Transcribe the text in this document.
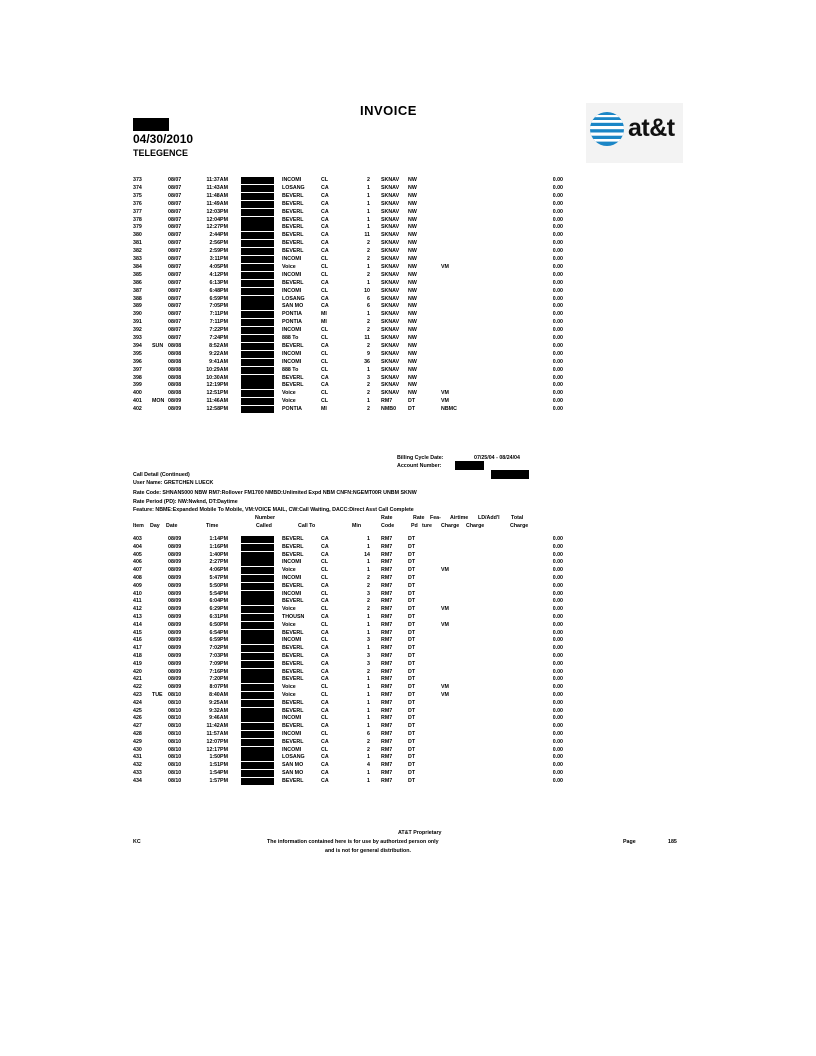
INVOICE
04/30/2010
TELEGENCE
at&t
373	08/07	11:37AM	INCOMI	CL	2 SKNAV NW	0.00
374	08/07	11:43AM	LOSANG	CA	1 SKNAV NW	0.00
375	08/07	11:48AM	BEVERL	CA	1 SKNAV NW	0.00
376	08/07	11:49AM	BEVERL	CA	1 SKNAV NW	0.00
377	08/07	12:03PM	BEVERL	CA	1 SKNAV NW	0.00
378	08/07	12:04PM	BEVERL	CA	1 SKNAV NW	0.00
379	08/07	12:27PM	BEVERL	CA	1 SKNAV NW	0.00
380	08/07	2:44PM	BEVERL	CA	11 SKNAV NW	0.00
381	08/07	2:56PM	BEVERL	CA	2 SKNAV NW	0.00
382	08/07	2:59PM	BEVERL	CA	2 SKNAV NW	0.00
383	08/07	3:11PM	INCOMI	CL	2 SKNAV NW	0.00
384	08/07	4:05PM	Voice	CL	1 SKNAV NW	VM	0.00
385	08/07	4:12PM	INCOMI	CL	2 SKNAV NW	0.00
386	08/07	6:13PM	BEVERL	CA	1 SKNAV NW	0.00
387	08/07	6:48PM	INCOMI	CL	10 SKNAV NW	0.00
388	08/07	6:59PM	LOSANG	CA	6 SKNAV NW	0.00
389	08/07	7:05PM	SAN MO	CA	6 SKNAV NW	0.00
390	08/07	7:11PM	PONTIA	MI	1 SKNAV NW	0.00
391	08/07	7:11PM	PONTIA	MI	2 SKNAV NW	0.00
392	08/07	7:22PM	INCOMI	CL	2 SKNAV NW	0.00
393	08/07	7:24PM	888 To	CL	11 SKNAV NW	0.00
394 SUN 08/08	8:52AM	BEVERL	CA	2 SKNAV NW	0.00
395	08/08	9:22AM	INCOMI	CL	9 SKNAV NW	0.00
396	08/08	9:41AM	INCOMI	CL	36 SKNAV NW	0.00
397	08/08	10:29AM	888 To	CL	1 SKNAV NW	0.00
398	08/08	10:30AM	BEVERL	CA	3 SKNAV NW	0.00
399	08/08	12:19PM	BEVERL	CA	2 SKNAV NW	0.00
400	08/08	12:51PM	Voice	CL	2 SKNAV NW	VM	0.00
401 MON 08/09	11:46AM	Voice	CL	1 RM7	DT	VM	0.00
402	08/09	12:58PM	PONTIA	MI	2 NMB0 DT	NBMC	0.00
Billing Cycle Date:	07/25/04 - 08/24/04
Account Number:
Call Detail (Continued)
User Name: GRETCHEN LUECK
Rate Code: SHNAN5000 NBW RM7:Rollover FM1700 NMBD:Unlimited Expd NBM CNFN:NGEMT00R UNBM SKNW
Rate Period (PD): NW:Nwknd, DT:Daytime
Feature: NBME:Expanded Mobile To Mobile, VM:VOICE MAIL, CW:Call Waiting, DACC:Direct Asst Call Complete
Number	Rate	Rate Fea- Airtime LD/Add'l Total
Item Day Date	Time	Called	Call To	Min	Code	Pd ture Charge Charge	Charge
403	08/09	1:14PM	BEVERL	CA	1 RM7	DT	0.00
404	08/09	1:16PM	BEVERL	CA	1 RM7	DT	0.00
405	08/09	1:40PM	BEVERL	CA	14 RM7	DT	0.00
406	08/09	2:27PM	INCOMI	CL	1 RM7	DT	0.00
407	08/09	4:06PM	Voice	CL	1 RM7	DT	VM	0.00
408	08/09	5:47PM	INCOMI	CL	2 RM7	DT	0.00
409	08/09	5:50PM	BEVERL	CA	2 RM7	DT	0.00
410	08/09	5:54PM	INCOMI	CL	3 RM7	DT	0.00
411	08/09	6:04PM	BEVERL	CA	2 RM7	DT	0.00
412	08/09	6:29PM	Voice	CL	2 RM7	DT	VM	0.00
413	08/09	6:31PM	THOUSN	CA	1 RM7	DT	0.00
414	08/09	6:50PM	Voice	CL	1 RM7	DT	VM	0.00
415	08/09	6:54PM	BEVERL	CA	1 RM7	DT	0.00
416	08/09	6:59PM	INCOMI	CL	3 RM7	DT	0.00
417	08/09	7:02PM	BEVERL	CA	1 RM7	DT	0.00
418	08/09	7:03PM	BEVERL	CA	3 RM7	DT	0.00
419	08/09	7:09PM	BEVERL	CA	3 RM7	DT	0.00
420	08/09	7:16PM	BEVERL	CA	2 RM7	DT	0.00
421	08/09	7:20PM	BEVERL	CA	1 RM7	DT	0.00
422	08/09	8:07PM	Voice	CL	1 RM7	DT	VM	0.00
423 TUE 08/10	8:40AM	Voice	CL	1 RM7	DT	VM	0.00
424	08/10	9:25AM	BEVERL	CA	1 RM7	DT	0.00
425	08/10	9:32AM	BEVERL	CA	1 RM7	DT	0.00
426	08/10	9:46AM	INCOMI	CL	1 RM7	DT	0.00
427	08/10	11:42AM	BEVERL	CA	1 RM7	DT	0.00
428	08/10	11:57AM	INCOMI	CL	6 RM7	DT	0.00
429	08/10	12:07PM	BEVERL	CA	2 RM7	DT	0.00
430	08/10	12:17PM	INCOMI	CL	2 RM7	DT	0.00
431	08/10	1:50PM	LOSANG	CA	1 RM7	DT	0.00
432	08/10	1:51PM	SAN MO	CA	4 RM7	DT	0.00
433	08/10	1:54PM	SAN MO	CA	1 RM7	DT	0.00
434	08/10	1:57PM	BEVERL	CA	1 RM7	DT	0.00
AT&T Proprietary
KC	The information contained here is for use by authorized person only
and is not for general distribution.
Page	185
